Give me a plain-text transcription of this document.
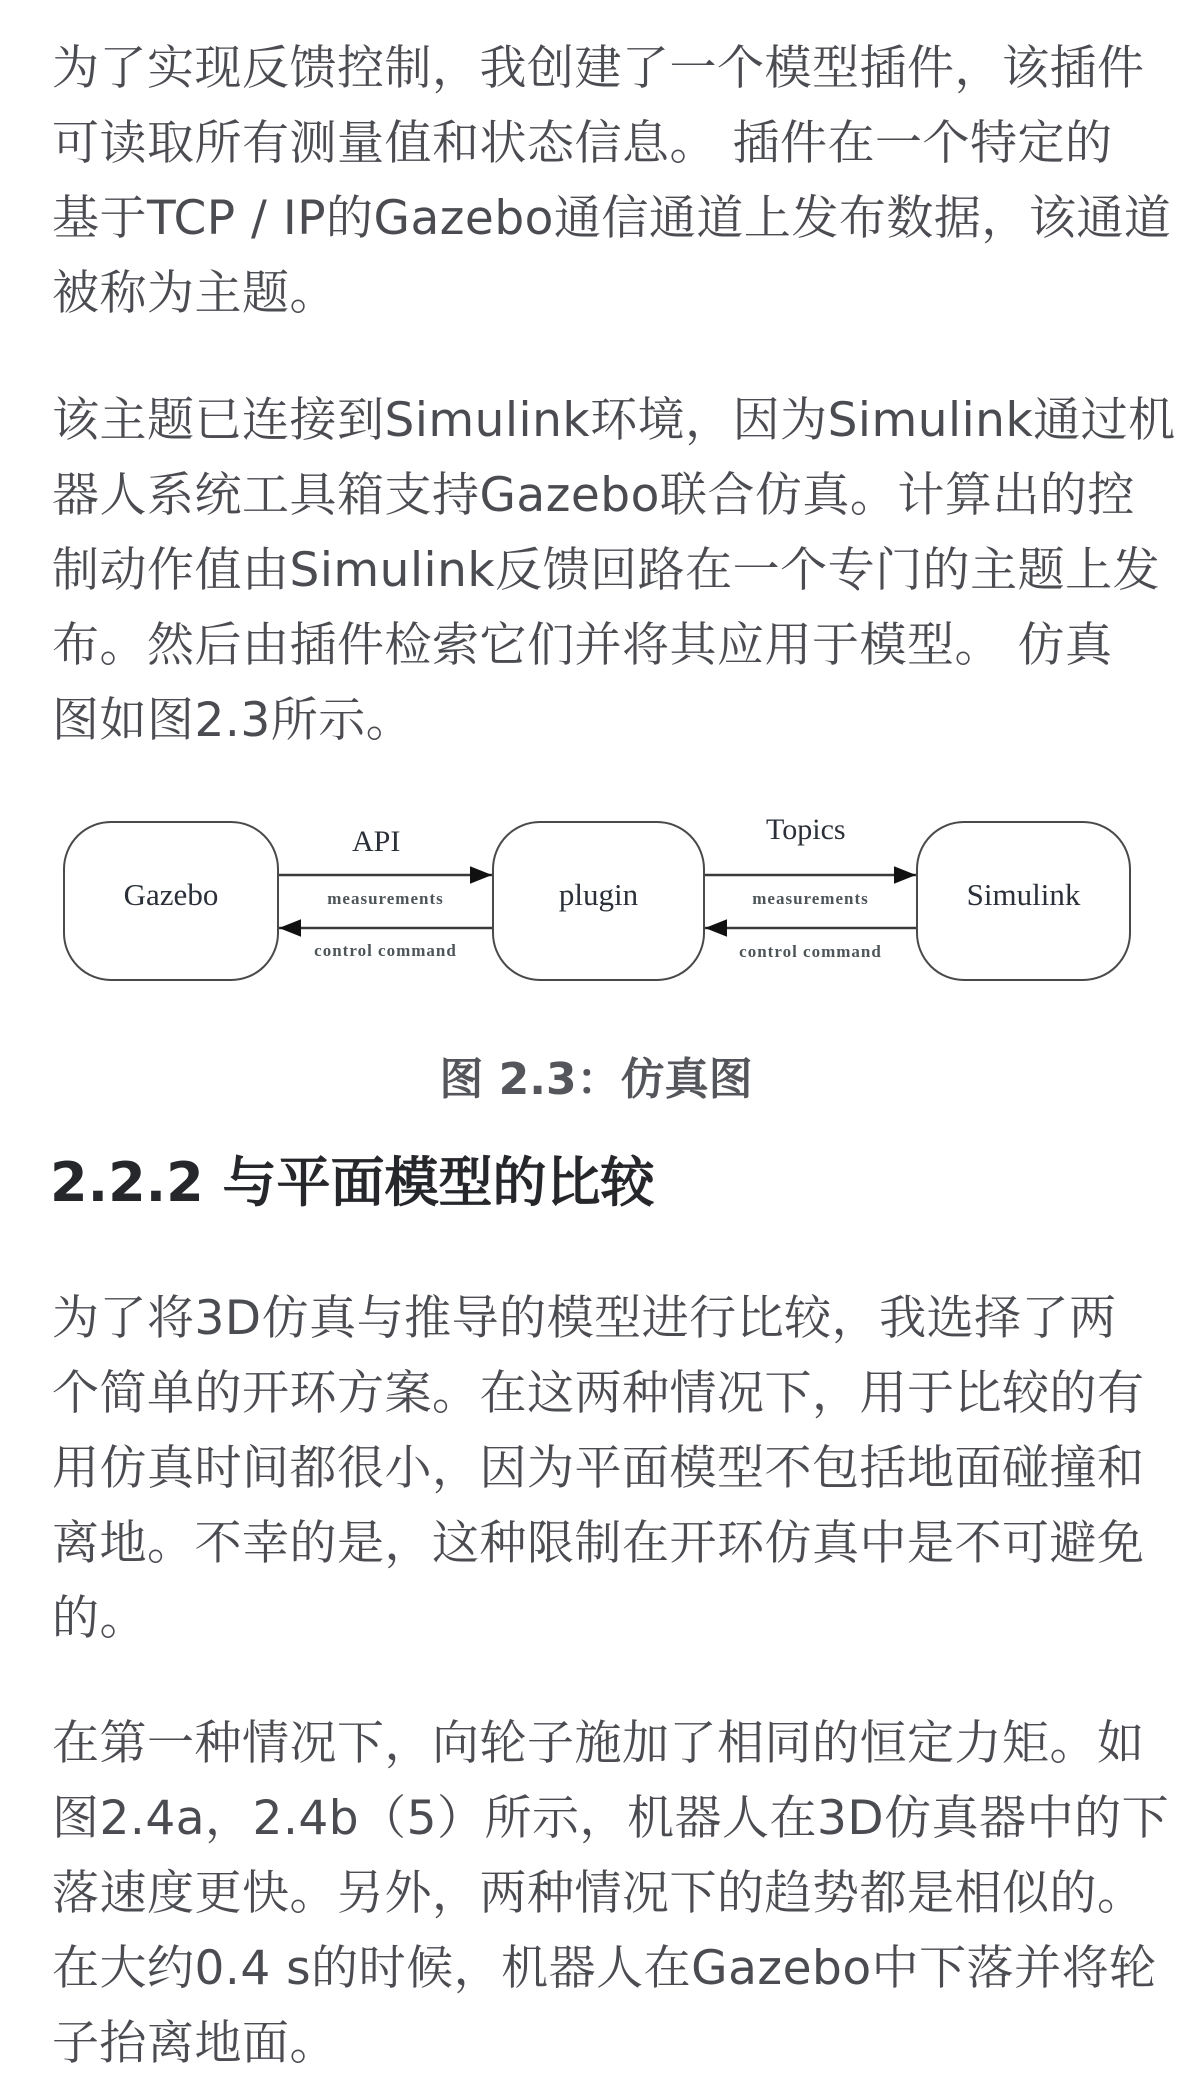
为了实现反馈控制，我创建了一个模型插件，该插件
可读取所有测量值和状态信息。 插件在一个特定的
基于TCP / IP的Gazebo通信通道上发布数据，该通道
被称为主题。
该主题已连接到Simulink环境，因为Simulink通过机
器人系统工具箱支持Gazebo联合仿真。计算出的控
制动作值由Simulink反馈回路在一个专门的主题上发
布。然后由插件检索它们并将其应用于模型。 仿真
图如图2.3所示。
Gazebo	plugin	Simulink
API
measurements
control command
Topics
measurements
control command
图 2.3：仿真图
2.2.2 与平面模型的比较
为了将3D仿真与推导的模型进行比较，我选择了两
个简单的开环方案。在这两种情况下，用于比较的有
用仿真时间都很小，因为平面模型不包括地面碰撞和
离地。不幸的是，这种限制在开环仿真中是不可避免
的。
在第一种情况下，向轮子施加了相同的恒定力矩。如
图2.4a，2.4b（5）所示，机器人在3D仿真器中的下
落速度更快。另外，两种情况下的趋势都是相似的。
在大约0.4 s的时候，机器人在Gazebo中下落并将轮
子抬离地面。
